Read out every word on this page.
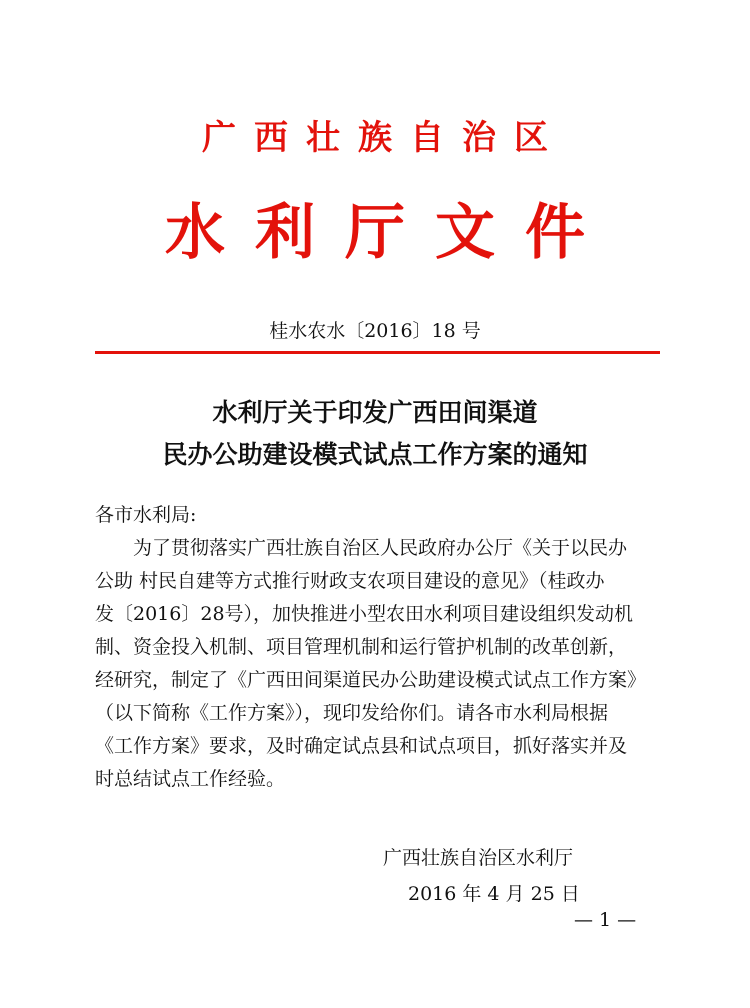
广西壮族自治区
水利厅文件
桂水农水〔2016〕18 号
水利厅关于印发广西田间渠道
民办公助建设模式试点工作方案的通知
各市水利局:
为了贯彻落实广西壮族自治区人民政府办公厅《关于以民办
公助 村民自建等方式推行财政支农项目建设的意见》（桂政办
发〔2016〕28号），加快推进小型农田水利项目建设组织发动机
制、资金投入机制、项目管理机制和运行管护机制的改革创新，
经研究，制定了《广西田间渠道民办公助建设模式试点工作方案》
（以下简称《工作方案》），现印发给你们。请各市水利局根据
《工作方案》要求，及时确定试点县和试点项目，抓好落实并及
时总结试点工作经验。
广西壮族自治区水利厅
2016 年 4 月 25 日
— 1 —
